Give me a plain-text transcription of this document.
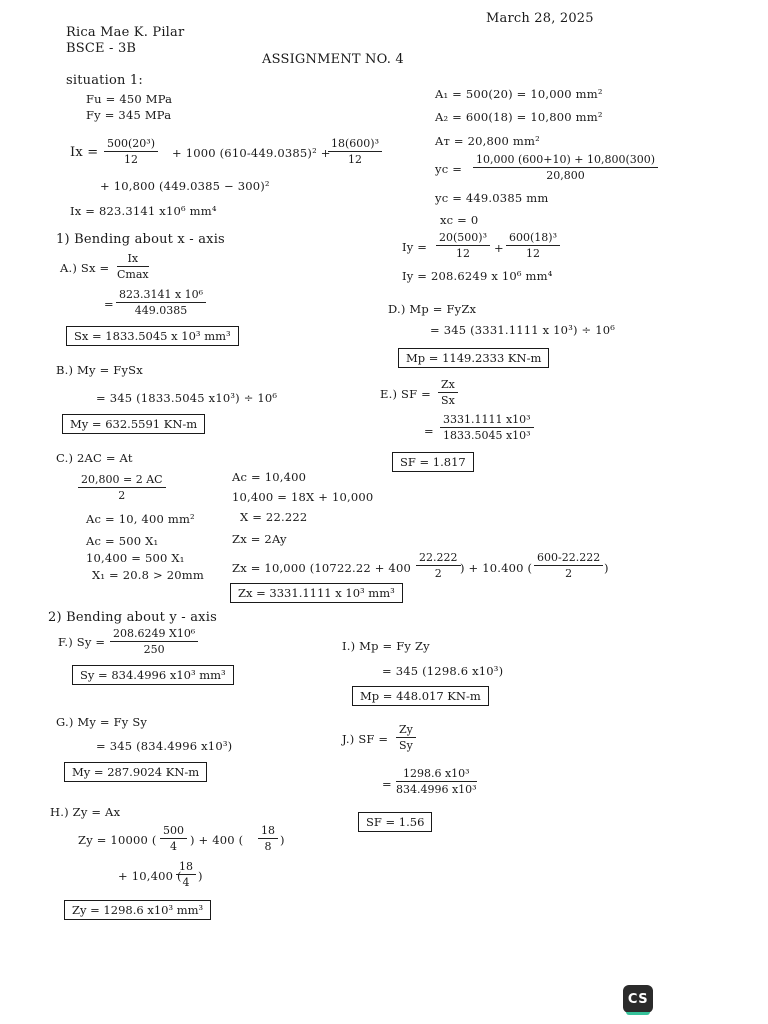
March 28, 2025
Rica Mae K. Pilar
BSCE - 3B
ASSIGNMENT NO. 4
situation 1:
Fu = 450 MPa
Fy = 345 MPa
$Ix = \frac{\text{500(20³)}}{12} + 1000$ (610-449.0385)² +
$\frac{\text{18(600)³}}{12}$
+ 10,800 (449.0385 − 300)²
Ix = 823.3141 x10⁶ mm⁴
A₁ = 500(20) = 10,000 mm²
A₂ = 600(18) = 10,800 mm²
Aᴛ = 20,800 mm²
yc = $\frac{10,000 (600+10) + 10,800(300)}{20,800}$
yc = 449.0385 mm
xc = 0
$Iy = \frac{\text{20(500)³}}{12} + \frac{\text{600(18)³}}{12}$
Iy = 208.6249 x 10⁶ mm⁴
1) Bending about x - axis
A.) Sx =
Ix
Cmax
= $\frac{\text{823.3141 x 10⁶}}{449.0385}$
Sx = 1833.5045 x 10³ mm³
B.) My = FySx
= 345 (1833.5045 x10³) ÷ 10⁶
My = 632.5591 KN-m
C.) 2AC = At
$\frac{20,800 = 2 AC}{2}$
Ac = 10, 400 mm²
Ac = 500 X₁
10,400 = 500 X₁
X₁ = 20.8 > 20mm
Ac = 10,400
10,400 = 18X + 10,000
X = 22.222
Zx = 2Ay
Zx = 10,000 ($10722.22 + 400 \frac{22.222}{2}$ ) + 10.400 ( $\frac{600-22.222}{2}$ )
Zx = 3331.1111 x 10³ mm³
D.) Mp = FyZx
= 345 (3331.1111 x 10³) ÷ 10⁶
Mp = 1149.2333 KN-m
E.) SF = $\frac{Zx}{Sx}$
= $\frac{\text{3331.1111 x10³}}{\text{1833.5045 x10³}}$
SF = 1.817
2) Bending about y - axis
F.) $Sy = \frac{\text{208.6249 X10⁶}}{250}$
Sy = 834.4996 x10³ mm³
G.) My = Fy Sy
= 345 (834.4996 x10³)
My = 287.9024 KN-m
H.) Zy = Ax
Zy = 10000 ( $\frac{500}{4}$ ) + 400 ( $\frac{18}{8}$ )
+ 10,400 (
$\frac{18}{4}$ )
Zy = 1298.6 x10³ mm³
I.) Mp = Fy Zy
= 345 (1298.6 x10³)
Mp = 448.017 KN-m
J.) SF = $\frac{Zy}{Sy}$
= $\frac{\text{1298.6 x10³}}{\text{834.4996 x10³}}$
SF = 1.56
CS
